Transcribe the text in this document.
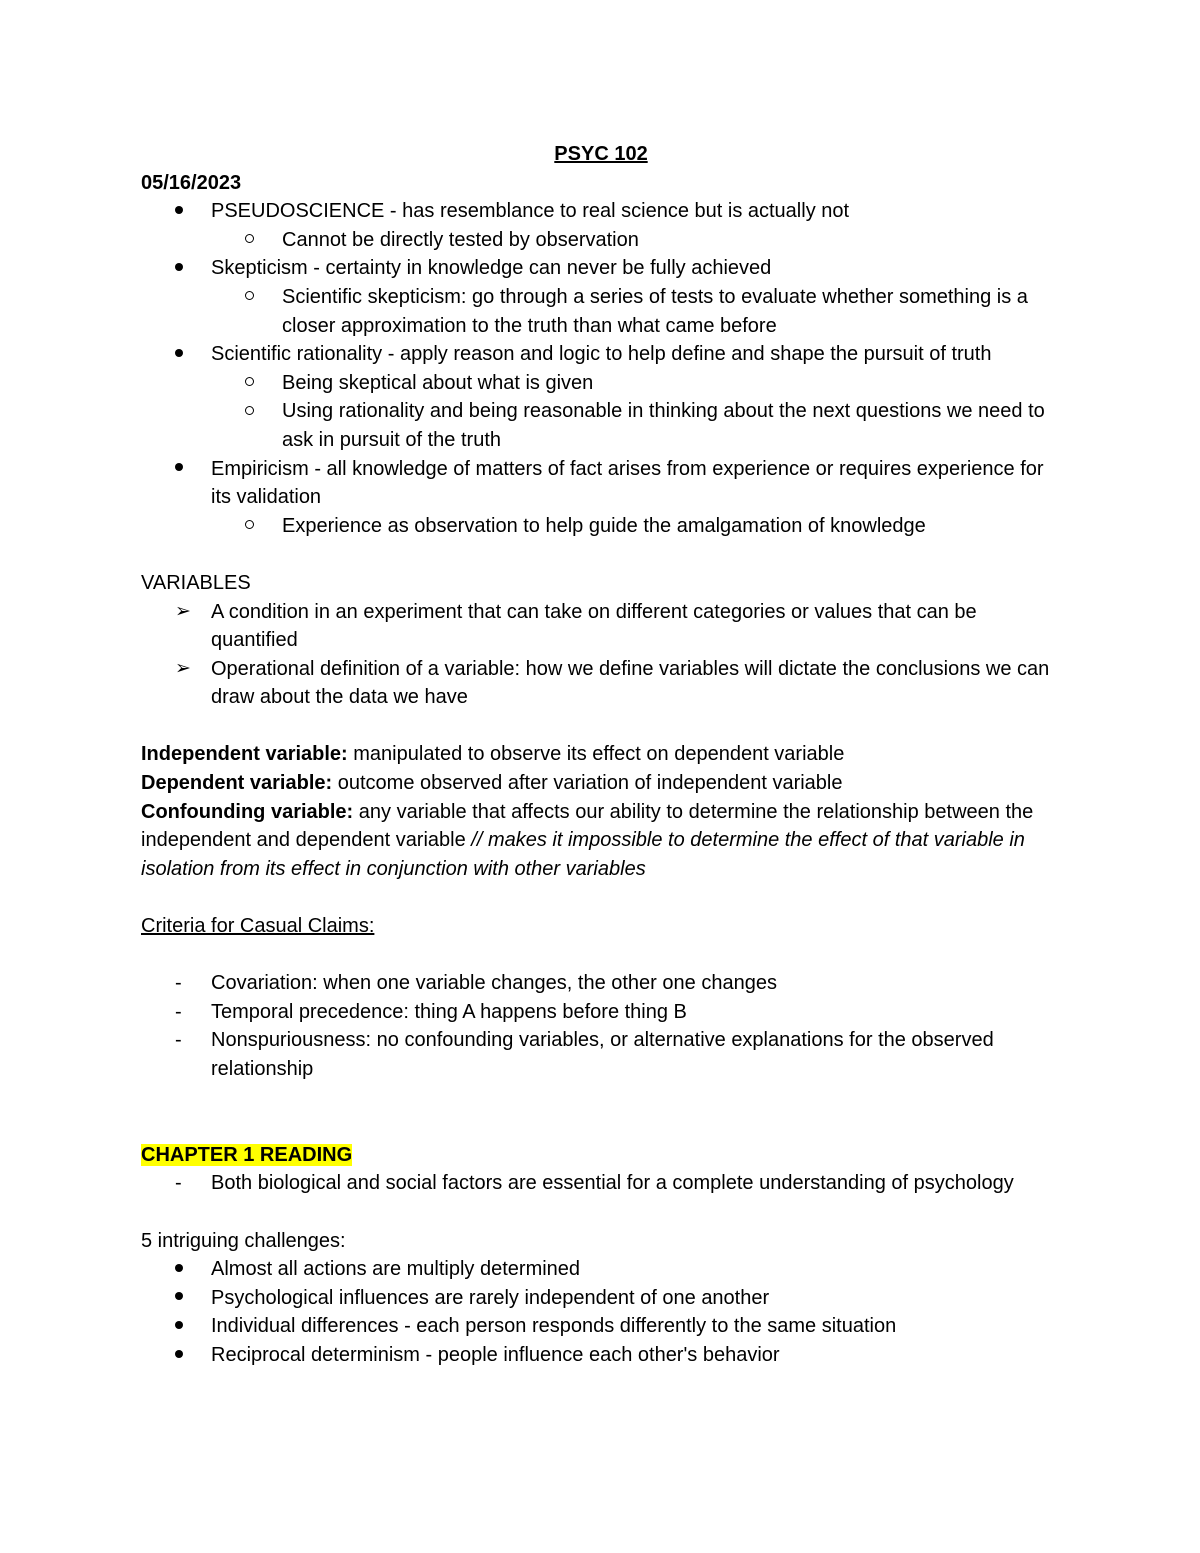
PSYC 102
05/16/2023
PSEUDOSCIENCE - has resemblance to real science but is actually not
Cannot be directly tested by observation
Skepticism - certainty in knowledge can never be fully achieved
Scientific skepticism: go through a series of tests to evaluate whether something is a closer approximation to the truth than what came before
Scientific rationality - apply reason and logic to help define and shape the pursuit of truth
Being skeptical about what is given
Using rationality and being reasonable in thinking about the next questions we need to ask in pursuit of the truth
Empiricism - all knowledge of matters of fact arises from experience or requires experience for its validation
Experience as observation to help guide the amalgamation of knowledge
VARIABLES
➢ A condition in an experiment that can take on different categories or values that can be quantified
➢ Operational definition of a variable: how we define variables will dictate the conclusions we can draw about the data we have
Independent variable: manipulated to observe its effect on dependent variable
Dependent variable: outcome observed after variation of independent variable
Confounding variable: any variable that affects our ability to determine the relationship between the independent and dependent variable // makes it impossible to determine the effect of that variable in isolation from its effect in conjunction with other variables
Criteria for Casual Claims:
- Covariation: when one variable changes, the other one changes
- Temporal precedence: thing A happens before thing B
- Nonspuriousness: no confounding variables, or alternative explanations for the observed relationship
CHAPTER 1 READING
- Both biological and social factors are essential for a complete understanding of psychology
5 intriguing challenges:
Almost all actions are multiply determined
Psychological influences are rarely independent of one another
Individual differences - each person responds differently to the same situation
Reciprocal determinism - people influence each other's behavior
